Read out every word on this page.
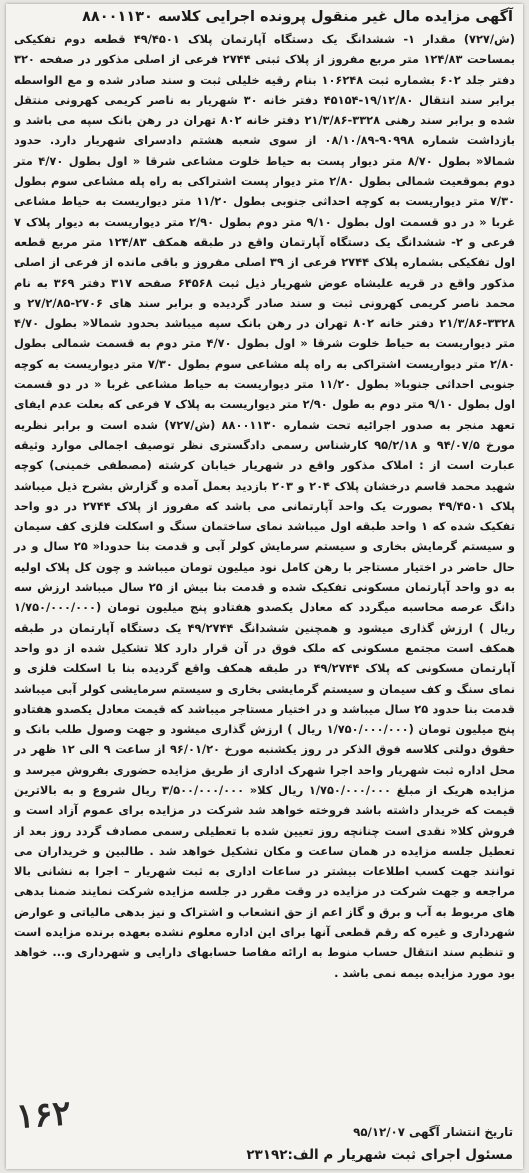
آگهی مزایده مال غیر منقول پرونده اجرایی کلاسه ۸۸۰۰۱۱۳۰

(ش/۷۲۷) مقدار ۱- ششدانگ یک دستگاه آپارتمان پلاک ۴۹/۴۵۰۱ قطعه دوم تفکیکی بمساحت ۱۲۴/۸۳ متر مربع مفروز از پلاک ثبتی ۲۷۴۴ فرعی از اصلی مذکور در صفحه ۳۲۰ دفتر جلد ۶۰۲ بشماره ثبت ۱۰۶۲۴۸ بنام رقیه خلیلی ثبت و سند صادر شده و مع الواسطه برابر سند انتقال ۱۹/۱۲/۸۰-۴۵۱۵۴ دفتر خانه ۳۰ شهریار به ناصر کریمی کهرونی منتقل شده و برابر سند رهنی ۳۳۲۸-۲۱/۳/۸۶ دفتر خانه ۸۰۲ تهران در رهن بانک سپه می باشد و بازداشت شماره ۹۰۹۹۸-۰۸/۱۰/۸۹ از سوی شعبه هشتم دادسرای شهریار دارد. حدود شمالا« بطول ۸/۷۰ متر دیوار پست به حیاط خلوت مشاعی شرقا « اول بطول ۴/۷۰ متر دوم بموقعیت شمالی بطول ۲/۸۰ متر دیوار پست اشتراکی به راه پله مشاعی سوم بطول ۷/۳۰ متر دیواریست به کوچه احداثی جنوبی بطول ۱۱/۲۰ متر دیواریست به حیاط مشاعی غربا « در دو قسمت اول بطول ۹/۱۰ متر دوم بطول ۲/۹۰ متر دیواریست به دیوار پلاک ۷ فرعی و ۲- ششدانگ یک دستگاه آپارتمان واقع در طبقه همکف ۱۲۴/۸۳ متر مربع قطعه اول تفکیکی بشماره پلاک ۲۷۴۴ فرعی از ۳۹ اصلی مفروز و باقی مانده از فرعی از اصلی مذکور واقع در قریه علیشاه عوض شهریار ذیل ثبت ۶۴۵۶۸ صفحه ۳۱۷ دفتر ۳۶۹ به نام محمد ناصر کریمی کهرونی ثبت و سند صادر گردیده و برابر سند های ۲۷۰۶-۲۷/۲/۸۵ و ۳۳۲۸-۲۱/۳/۸۶ دفتر خانه ۸۰۲ تهران در رهن بانک سپه میباشد بحدود شمالا« بطول ۴/۷۰ متر دیواریست به حیاط خلوت شرقا « اول بطول ۴/۷۰ متر دوم به قسمت شمالی بطول ۲/۸۰ متر دیواریست اشتراکی به راه پله مشاعی سوم بطول ۷/۳۰ متر دیواریست به کوچه جنوبی احداثی جنوبا« بطول ۱۱/۲۰ متر دیواریست به حیاط مشاعی غربا « در دو قسمت اول بطول ۹/۱۰ متر دوم به طول ۲/۹۰ متر دیواریست به پلاک ۷ فرعی که بعلت عدم ایفای تعهد منجر به صدور اجرائیه تحت شماره ۸۸۰۰۱۱۳۰ (ش/۷۲۷) شده است و برابر نظریه مورخ ۹۴/۰۷/۵ و ۹۵/۲/۱۸ کارشناس رسمی دادگستری نظر توصیف اجمالی موارد وثیقه عبارت است از : املاک مذکور واقع در شهریار خیابان کرشته (مصطفی خمینی) کوچه شهید محمد قاسم درخشان پلاک ۲۰۴ و ۲۰۳ بازدید بعمل آمده و گزارش بشرح ذیل میباشد پلاک ۴۹/۴۵۰۱ بصورت یک واحد آپارتمانی می باشد که مفروز از پلاک ۲۷۴۴ در دو واحد تفکیک شده که ۱ واحد طبقه اول میباشد نمای ساختمان سنگ و اسکلت فلزی کف سیمان و سیستم گرمایش بخاری و سیستم سرمایش کولر آبی و قدمت بنا حدودا« ۲۵ سال و در حال حاضر در اختیار مستاجر با رهن کامل نود میلیون تومان میباشد و چون کل پلاک اولیه به دو واحد آپارتمان مسکونی تفکیک شده و قدمت بنا بیش از ۲۵ سال میباشد ارزش سه دانگ عرصه محاسبه میگردد که معادل یکصدو هفتادو پنج میلیون تومان (۱/۷۵۰/۰۰۰/۰۰۰ ریال ) ارزش گذاری میشود و همچنین ششدانگ ۴۹/۲۷۴۴ یک دستگاه آپارتمان در طبقه همکف است مجتمع مسکونی که ملک فوق در آن قرار دارد کلا تشکیل شده از دو واحد آپارتمان مسکونی که پلاک ۴۹/۲۷۴۴ در طبقه همکف واقع گردیده بنا با اسکلت فلزی و نمای سنگ و کف سیمان و سیستم گرمایشی بخاری و سیستم سرمایشی کولر آبی میباشد قدمت بنا حدود ۲۵ سال میباشد و در اختیار مستاجر میباشد که قیمت معادل یکصدو هفتادو پنج میلیون تومان (۱/۷۵۰/۰۰۰/۰۰۰ ریال ) ارزش گذاری میشود و جهت وصول طلب بانک و حقوق دولتی کلاسه فوق الذکر در روز یکشنبه مورخ ۹۶/۰۱/۲۰ از ساعت ۹ الی ۱۲ ظهر در محل اداره ثبت شهریار واحد اجرا شهرک اداری از طریق مزایده حضوری بفروش میرسد و مزایده هریک از مبلغ ۱/۷۵۰/۰۰۰/۰۰۰ ریال کلا« ۳/۵۰۰/۰۰۰/۰۰۰ ریال شروع و به بالاترین قیمت که خریدار داشته باشد فروخته خواهد شد شرکت در مزایده برای عموم آزاد است و فروش کلا« نقدی است چنانچه روز تعیین شده با تعطیلی رسمی مصادف گردد روز بعد از تعطیل جلسه مزایده در همان ساعت و مکان تشکیل خواهد شد . طالبین و خریداران می توانند جهت کسب اطلاعات بیشتر در ساعات اداری به ثبت شهریار – اجرا به نشانی بالا مراجعه و جهت شرکت در مزایده در وقت مقرر در جلسه مزایده شرکت نمایند ضمنا بدهی های مربوط به آب و برق و گاز اعم از حق انشعاب و اشتراک و نیز بدهی مالیاتی و عوارض شهرداری و غیره که رقم قطعی آنها برای این اداره معلوم نشده بعهده برنده مزایده است و تنظیم سند انتقال حساب منوط به ارائه مفاصا حسابهای دارایی و شهرداری و... خواهد بود مورد مزایده بیمه نمی باشد .

۱۶۲	تاریخ انتشار آگهی ۹۵/۱۲/۰۷
مسئول اجرای ثبت شهریار م الف:۲۳۱۹۲
